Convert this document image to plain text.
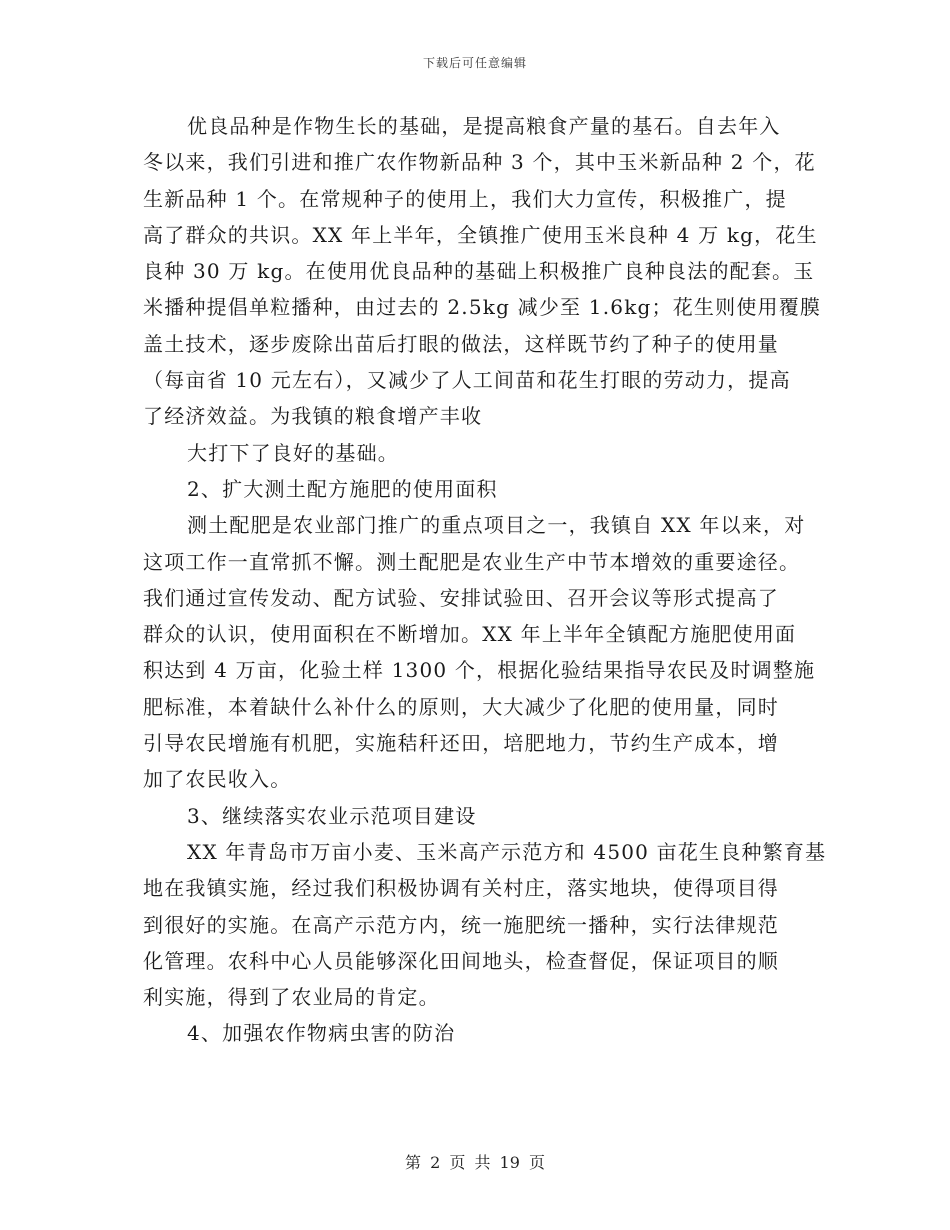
下载后可任意编辑

优良品种是作物生长的基础，是提高粮食产量的基石。自去年入
冬以来，我们引进和推广农作物新品种 3 个，其中玉米新品种 2 个，花
生新品种 1 个。在常规种子的使用上，我们大力宣传，积极推广，提
高了群众的共识。XX 年上半年，全镇推广使用玉米良种 4 万 kg，花生
良种 30 万 kg。在使用优良品种的基础上积极推广良种良法的配套。玉
米播种提倡单粒播种，由过去的 2.5kg 减少至 1.6kg；花生则使用覆膜
盖土技术，逐步废除出苗后打眼的做法，这样既节约了种子的使用量
（每亩省 10 元左右），又减少了人工间苗和花生打眼的劳动力，提高
了经济效益。为我镇的粮食增产丰收

大打下了良好的基础。

2、扩大测土配方施肥的使用面积

测土配肥是农业部门推广的重点项目之一，我镇自 XX 年以来，对
这项工作一直常抓不懈。测土配肥是农业生产中节本增效的重要途径。
我们通过宣传发动、配方试验、安排试验田、召开会议等形式提高了
群众的认识，使用面积在不断增加。XX 年上半年全镇配方施肥使用面
积达到 4 万亩，化验土样 1300 个，根据化验结果指导农民及时调整施
肥标准，本着缺什么补什么的原则，大大减少了化肥的使用量，同时
引导农民增施有机肥，实施秸秆还田，培肥地力，节约生产成本，增
加了农民收入。

3、继续落实农业示范项目建设

XX 年青岛市万亩小麦、玉米高产示范方和 4500 亩花生良种繁育基
地在我镇实施，经过我们积极协调有关村庄，落实地块，使得项目得
到很好的实施。在高产示范方内，统一施肥统一播种，实行法律规范
化管理。农科中心人员能够深化田间地头，检查督促，保证项目的顺
利实施，得到了农业局的肯定。

4、加强农作物病虫害的防治

第 2 页 共 19 页
